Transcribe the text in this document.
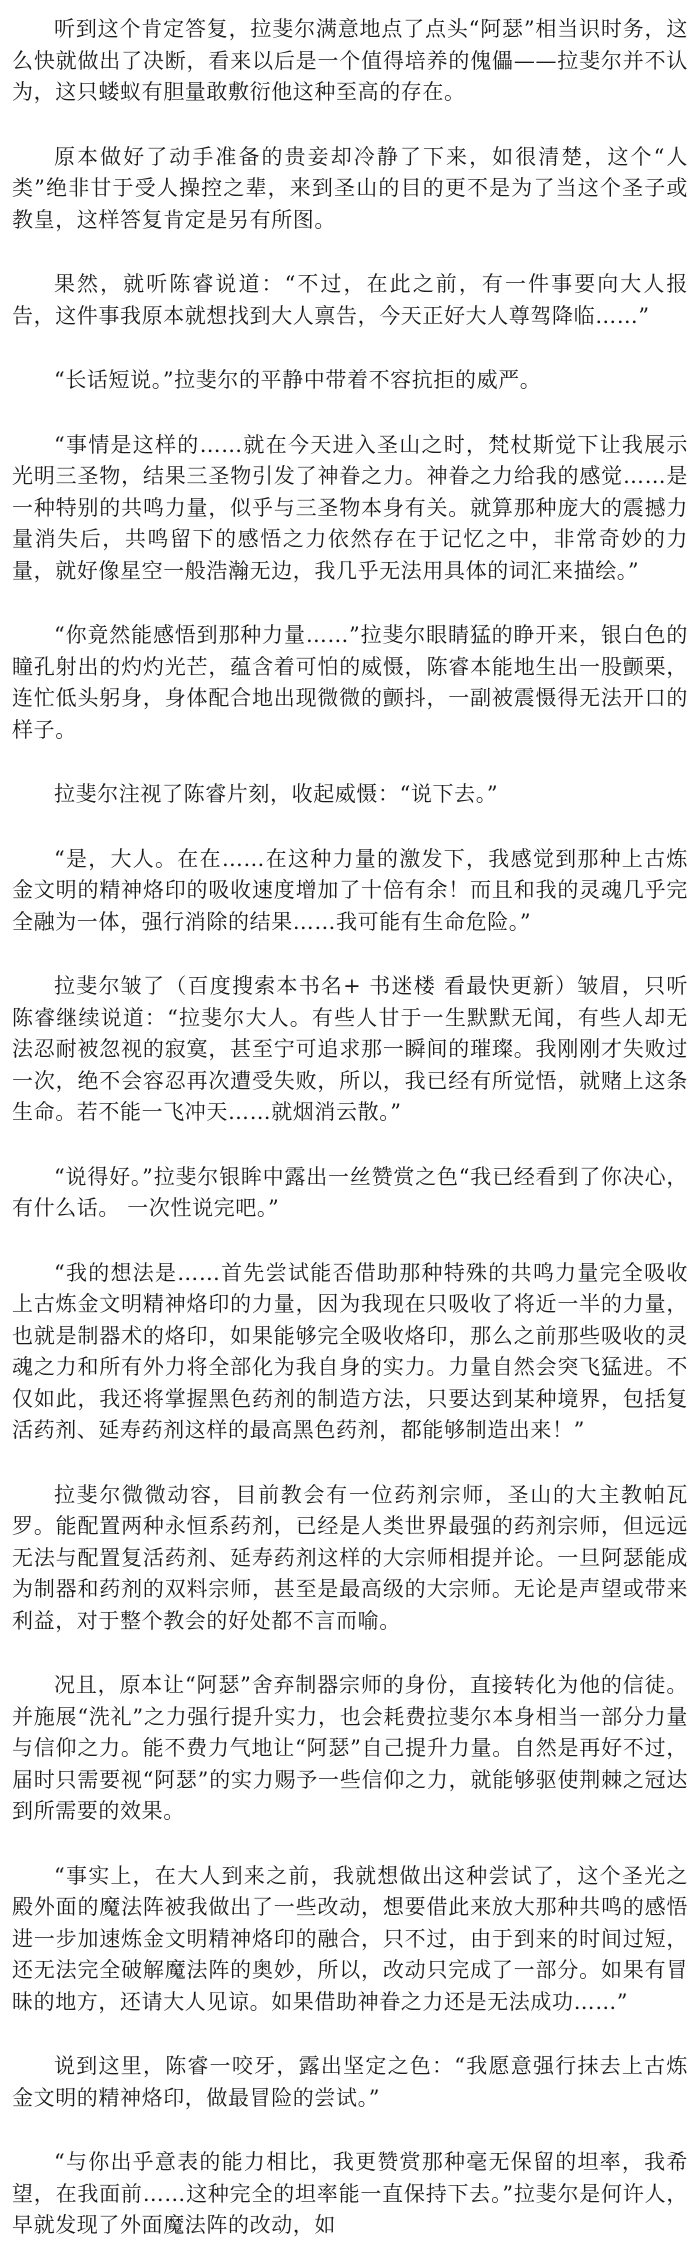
听到这个肯定答复，拉斐尔满意地点了点头“阿瑟”相当识时务，这么快就做出了决断，看来以后是一个值得培养的傀儡——拉斐尔并不认为，这只蝼蚁有胆量敢敷衍他这种至高的存在。

原本做好了动手准备的贵妾却冷静了下来，如很清楚，这个“人类”绝非甘于受人操控之辈，来到圣山的目的更不是为了当这个圣子或教皇，这样答复肯定是另有所图。

果然，就听陈睿说道：“不过，在此之前，有一件事要向大人报告，这件事我原本就想找到大人禀告，今天正好大人尊驾降临……”

“长话短说。”拉斐尔的平静中带着不容抗拒的威严。

“事情是这样的……就在今天进入圣山之时，梵杖斯觉下让我展示光明三圣物，结果三圣物引发了神眷之力。神眷之力给我的感觉……是一种特别的共鸣力量，似乎与三圣物本身有关。就算那种庞大的震撼力量消失后，共鸣留下的感悟之力依然存在于记忆之中，非常奇妙的力量，就好像星空一般浩瀚无边，我几乎无法用具体的词汇来描绘。”

“你竟然能感悟到那种力量……”拉斐尔眼睛猛的睁开来，银白色的瞳孔射出的灼灼光芒，蕴含着可怕的威慑，陈睿本能地生出一股颤栗，连忙低头躬身，身体配合地出现微微的颤抖，一副被震慑得无法开口的样子。

拉斐尔注视了陈睿片刻，收起威慑：“说下去。”

“是，大人。在在……在这种力量的激发下，我感觉到那种上古炼金文明的精神烙印的吸收速度增加了十倍有余！而且和我的灵魂几乎完全融为一体，强行消除的结果……我可能有生命危险。”

拉斐尔皱了（百度搜索本书名+ 书迷楼 看最快更新）皱眉，只听陈睿继续说道：“拉斐尔大人。有些人甘于一生默默无闻，有些人却无法忍耐被忽视的寂寞，甚至宁可追求那一瞬间的璀璨。我刚刚才失败过一次，绝不会容忍再次遭受失败，所以，我已经有所觉悟，就赌上这条生命。若不能一飞冲天……就烟消云散。”

“说得好。”拉斐尔银眸中露出一丝赞赏之色“我已经看到了你决心，有什么话。 一次性说完吧。”

“我的想法是……首先尝试能否借助那种特殊的共鸣力量完全吸收上古炼金文明精神烙印的力量，因为我现在只吸收了将近一半的力量，也就是制器术的烙印，如果能够完全吸收烙印，那么之前那些吸收的灵魂之力和所有外力将全部化为我自身的实力。力量自然会突飞猛进。不仅如此，我还将掌握黑色药剂的制造方法，只要达到某种境界，包括复活药剂、延寿药剂这样的最高黑色药剂，都能够制造出来！”

拉斐尔微微动容，目前教会有一位药剂宗师，圣山的大主教帕瓦罗。能配置两种永恒系药剂，已经是人类世界最强的药剂宗师，但远远无法与配置复活药剂、延寿药剂这样的大宗师相提并论。一旦阿瑟能成为制器和药剂的双料宗师，甚至是最高级的大宗师。无论是声望或带来利益，对于整个教会的好处都不言而喻。

况且，原本让“阿瑟”舍弃制器宗师的身份，直接转化为他的信徒。并施展“洗礼”之力强行提升实力，也会耗费拉斐尔本身相当一部分力量与信仰之力。能不费力气地让“阿瑟”自己提升力量。自然是再好不过，届时只需要视“阿瑟”的实力赐予一些信仰之力，就能够驱使荆棘之冠达到所需要的效果。

“事实上，在大人到来之前，我就想做出这种尝试了，这个圣光之殿外面的魔法阵被我做出了一些改动，想要借此来放大那种共鸣的感悟进一步加速炼金文明精神烙印的融合，只不过，由于到来的时间过短，还无法完全破解魔法阵的奥妙，所以，改动只完成了一部分。如果有冒昧的地方，还请大人见谅。如果借助神眷之力还是无法成功……”

说到这里，陈睿一咬牙，露出坚定之色：“我愿意强行抹去上古炼金文明的精神烙印，做最冒险的尝试。”

“与你出乎意表的能力相比，我更赞赏那种毫无保留的坦率，我希望，在我面前……这种完全的坦率能一直保持下去。”拉斐尔是何许人，早就发现了外面魔法阵的改动，如
